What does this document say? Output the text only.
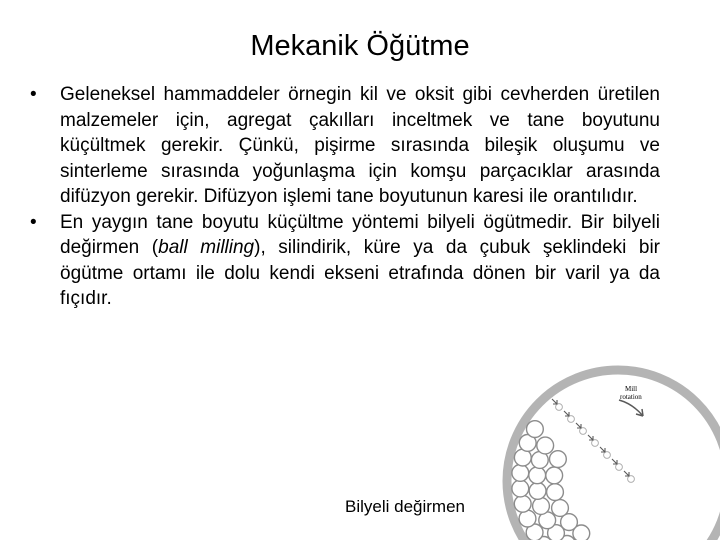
Mekanik Öğütme
• Geleneksel hammaddeler örnegin kil ve oksit gibi cevherden üretilen malzemeler için, agregat çakılları inceltmek ve tane boyutunu küçültmek gerekir. Çünkü, pişirme sırasında bileşik oluşumu ve sinterleme sırasında yoğunlaşma için komşu parçacıklar arasında difüzyon gerekir. Difüzyon işlemi tane boyutunun karesi ile orantılıdır.
• En yaygın tane boyutu küçültme yöntemi bilyeli ögütmedir. Bir bilyeli değirmen (ball milling), silindirik, küre ya da çubuk şeklindeki bir ögütme ortamı ile dolu kendi ekseni etrafında dönen bir varil ya da fıçıdır.
Mill rotation
Bilyeli değirmen
